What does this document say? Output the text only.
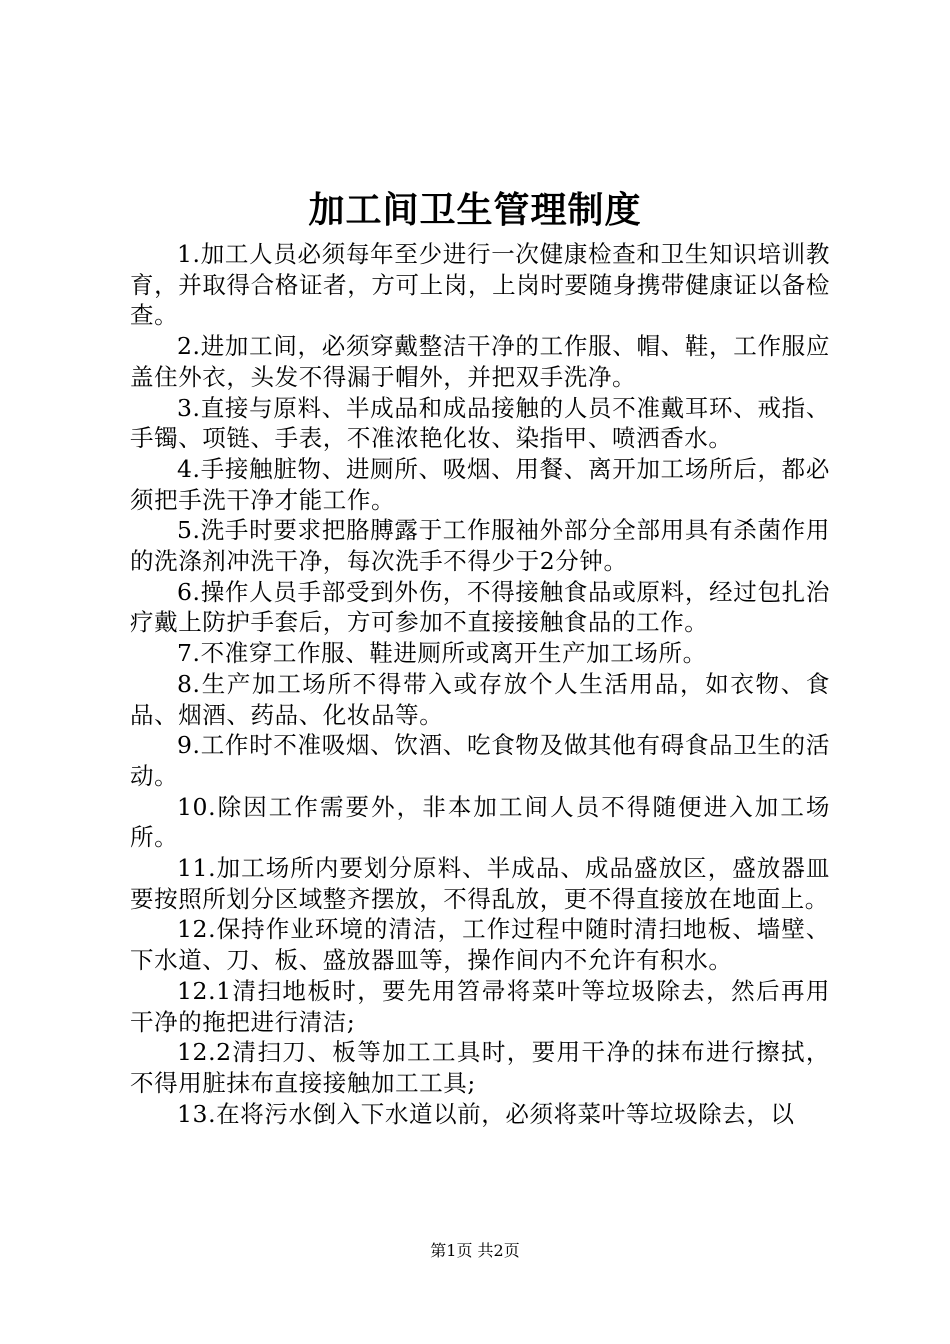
加工间卫生管理制度

1.加工人员必须每年至少进行一次健康检查和卫生知识培训教育，并取得合格证者，方可上岗，上岗时要随身携带健康证以备检查。

2.进加工间，必须穿戴整洁干净的工作服、帽、鞋，工作服应盖住外衣，头发不得漏于帽外，并把双手洗净。

3.直接与原料、半成品和成品接触的人员不准戴耳环、戒指、手镯、项链、手表，不准浓艳化妆、染指甲、喷洒香水。

4.手接触脏物、进厕所、吸烟、用餐、离开加工场所后，都必须把手洗干净才能工作。

5.洗手时要求把胳膊露于工作服袖外部分全部用具有杀菌作用的洗涤剂冲洗干净，每次洗手不得少于2分钟。

6.操作人员手部受到外伤，不得接触食品或原料，经过包扎治疗戴上防护手套后，方可参加不直接接触食品的工作。

7.不准穿工作服、鞋进厕所或离开生产加工场所。

8.生产加工场所不得带入或存放个人生活用品，如衣物、食品、烟酒、药品、化妆品等。

9.工作时不准吸烟、饮酒、吃食物及做其他有碍食品卫生的活动。

10.除因工作需要外，非本加工间人员不得随便进入加工场所。

11.加工场所内要划分原料、半成品、成品盛放区，盛放器皿要按照所划分区域整齐摆放，不得乱放，更不得直接放在地面上。

12.保持作业环境的清洁，工作过程中随时清扫地板、墙壁、下水道、刀、板、盛放器皿等，操作间内不允许有积水。

12.1清扫地板时，要先用笤帚将菜叶等垃圾除去，然后再用干净的拖把进行清洁;

12.2清扫刀、板等加工工具时，要用干净的抹布进行擦拭，不得用脏抹布直接接触加工工具;

13.在将污水倒入下水道以前，必须将菜叶等垃圾除去，以

第1页 共2页
